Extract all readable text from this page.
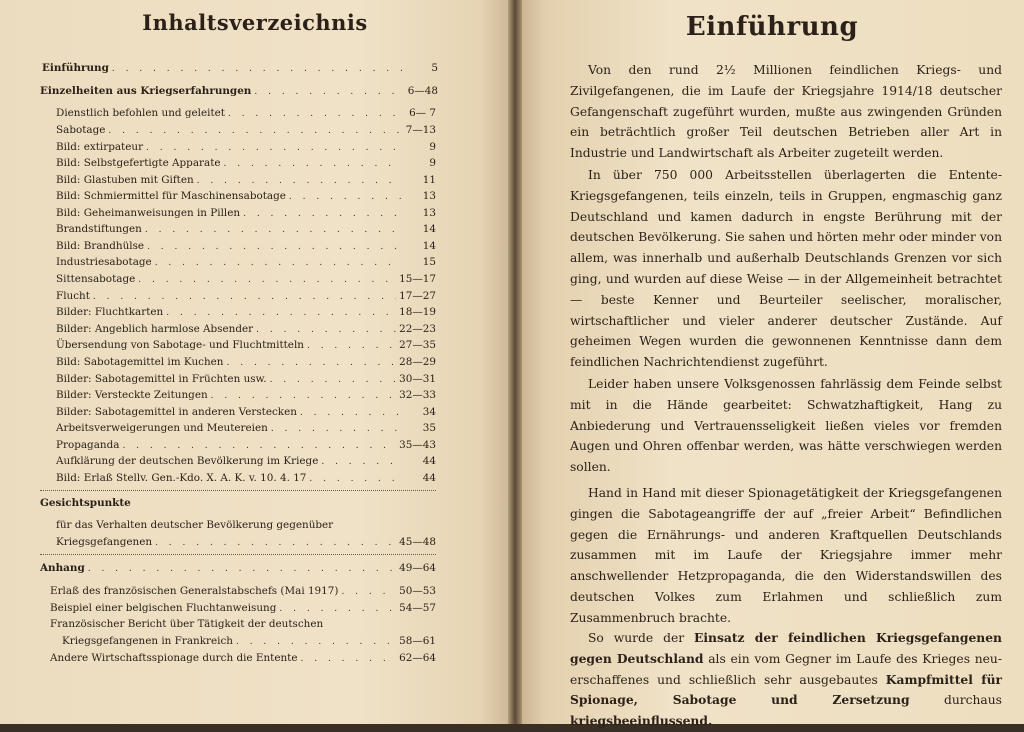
Inhaltsverzeichnis	Einführung
Einführung . . .	5
Einzelheiten aus Kriegserfahrungen . . .	6—48
Dienstlich befohlen und geleitet . . .	6— 7
Sabotage . . .	7—13
Bild: extirpateur . . .	9
Bild: Selbstgefertigte Apparate . . .	9
Bild: Glastuben mit Giften . . .	11
Bild: Schmiermittel für Maschinensabotage . . .	13
Bild: Geheimanweisungen in Pillen . . .	13
Brandstiftungen . . .	14
Bild: Brandhülse . . .	14
Industriesabotage . . .	15
Sittensabotage . . .	15—17
Flucht . . .	17—27
Bilder: Fluchtkarten . . .	18—19
Bilder: Angeblich harmlose Absender . . .	22—23
Übersendung von Sabotage- und Fluchtmitteln . . .	27—35
Bild: Sabotagemittel im Kuchen . . .	28—29
Bilder: Sabotagemittel in Früchten usw. . . .	30—31
Bilder: Versteckte Zeitungen . . .	32—33
Bilder: Sabotagemittel in anderen Verstecken . . .	34
Arbeitsverweigerungen und Meutereien . . .	35
Propaganda . . .	35—43
Aufklärung der deutschen Bevölkerung im Kriege . . .	44
Bild: Erlaß Stellv. Gen.-Kdo. X. A. K. v. 10. 4. 17 . . .	44
Gesichtspunkte
für das Verhalten deutscher Bevölkerung gegenüber
Kriegsgefangenen . . .	45—48
Anhang . . .	49—64
Erlaß des französischen Generalstabschefs (Mai 1917) . . .	50—53
Beispiel einer belgischen Fluchtanweisung . . .	54—57
Französischer Bericht über Tätigkeit der deutschen
Kriegsgefangenen in Frankreich . . .	58—61
Andere Wirtschaftsspionage durch die Entente . . .	62—64
Von den rund 2½ Millionen feindlichen Kriegs- und Zivilgefangenen, die im Laufe der Kriegsjahre 1914/18 deutscher Gefangenschaft zugeführt wurden, mußte aus zwingenden Gründen ein beträchtlich großer Teil deutschen Betrieben aller Art in Industrie und Landwirtschaft als Arbeiter zugeteilt werden.
In über 750 000 Arbeitsstellen überlagerten die Entente-Kriegsgefangenen, teils einzeln, teils in Gruppen, engmaschig ganz Deutschland und kamen dadurch in engste Berührung mit der deutschen Bevölkerung. Sie sahen und hörten mehr oder minder von allem, was innerhalb und außerhalb Deutschlands Grenzen vor sich ging, und wurden auf diese Weise — in der Allgemeinheit betrachtet — beste Kenner und Beurteiler seelischer, moralischer, wirtschaftlicher und vieler anderer deutscher Zustände. Auf geheimen Wegen wurden die gewonnenen Kenntnisse dann dem feindlichen Nachrichtendienst zugeführt.
Leider haben unsere Volksgenossen fahrlässig dem Feinde selbst mit in die Hände gearbeitet: Schwatzhaftigkeit, Hang zu Anbiederung und Vertrauensseligkeit ließen vieles vor fremden Augen und Ohren offenbar werden, was hätte verschwiegen werden sollen.
Hand in Hand mit dieser Spionagetätigkeit der Kriegsgefangenen gingen die Sabotageangriffe der auf „freier Arbeit“ Befindlichen gegen die Ernährungs- und anderen Kraftquellen Deutschlands zusammen mit im Laufe der Kriegsjahre immer mehr anschwellender Hetzpropaganda, die den Widerstandswillen des deutschen Volkes zum Erlahmen und schließlich zum Zusammenbruch brachte.
So wurde der Einsatz der feindlichen Kriegsgefangenen gegen Deutschland als ein vom Gegner im Laufe des Krieges neu-erschaffenes und schließlich sehr ausgebautes Kampfmittel für Spionage, Sabotage und Zersetzung durchaus kriegsbeeinflussend.
